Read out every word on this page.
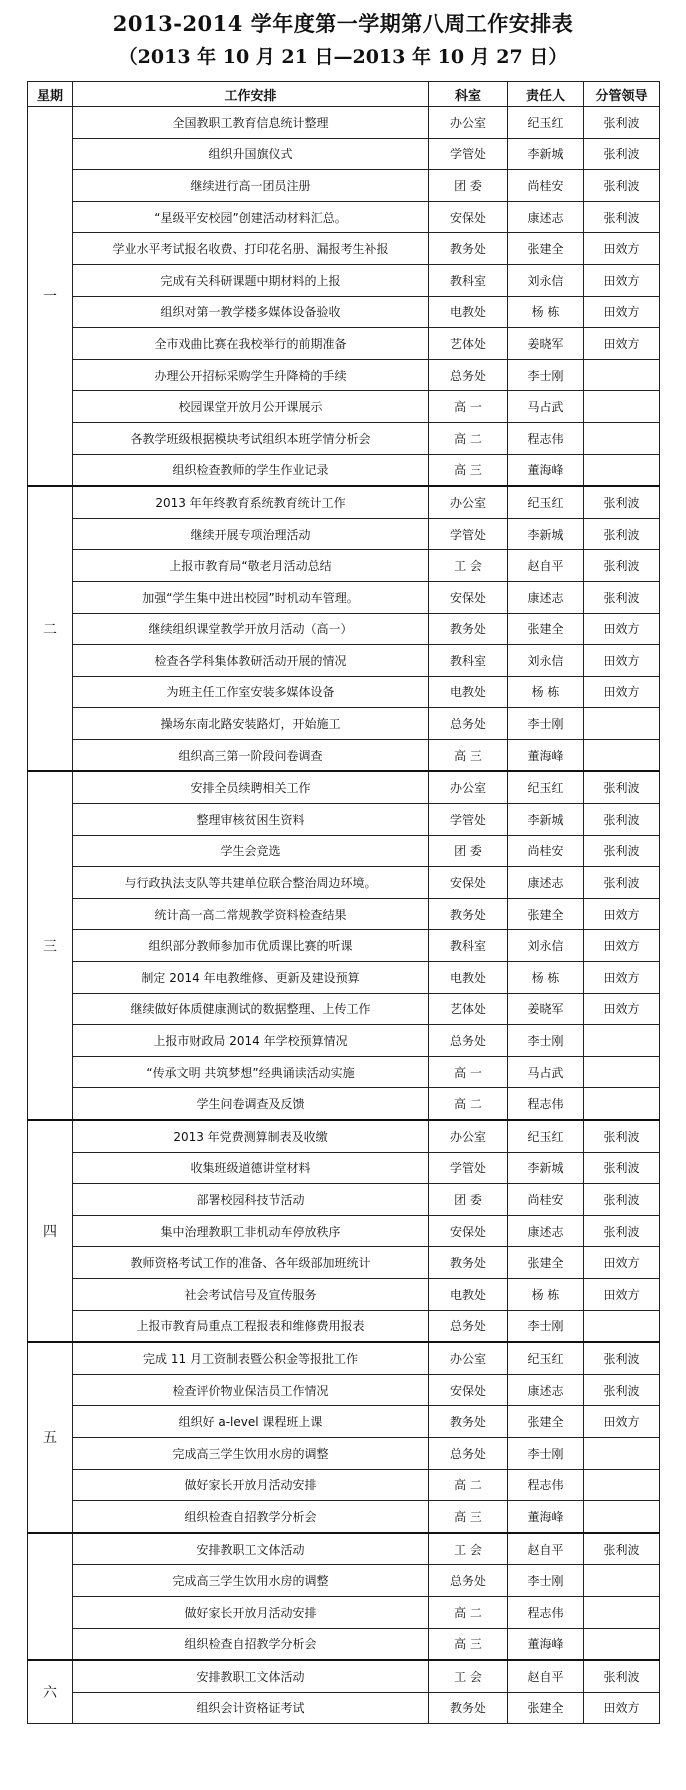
2013-2014 学年度第一学期第八周工作安排表
（2013 年 10 月 21 日—2013 年 10 月 27 日）
星期	工作安排	科室	责任人	分管领导
一	全国教职工教育信息统计整理	办公室	纪玉红	张利波
	组织升国旗仪式	学管处	李新城	张利波
	继续进行高一团员注册	团 委	尚桂安	张利波
	“星级平安校园”创建活动材料汇总。	安保处	康述志	张利波
	学业水平考试报名收费、打印花名册、漏报考生补报	教务处	张建全	田效方
	完成有关科研课题中期材料的上报	教科室	刘永信	田效方
	组织对第一教学楼多媒体设备验收	电教处	杨 栋	田效方
	全市戏曲比赛在我校举行的前期准备	艺体处	姜晓军	田效方
	办理公开招标采购学生升降椅的手续	总务处	李士刚	
	校园课堂开放月公开课展示	高 一	马占武	
	各教学班级根据模块考试组织本班学情分析会	高 二	程志伟	
	组织检查教师的学生作业记录	高 三	董海峰	
二	2013 年年终教育系统教育统计工作	办公室	纪玉红	张利波
	继续开展专项治理活动	学管处	李新城	张利波
	上报市教育局“敬老月活动总结	工 会	赵自平	张利波
	加强“学生集中进出校园”时机动车管理。	安保处	康述志	张利波
	继续组织课堂教学开放月活动（高一）	教务处	张建全	田效方
	检查各学科集体教研活动开展的情况	教科室	刘永信	田效方
	为班主任工作室安装多媒体设备	电教处	杨 栋	田效方
	操场东南北路安装路灯，开始施工	总务处	李士刚	
	组织高三第一阶段问卷调查	高 三	董海峰	
三	安排全员续聘相关工作	办公室	纪玉红	张利波
	整理审核贫困生资料	学管处	李新城	张利波
	学生会竞选	团 委	尚桂安	张利波
	与行政执法支队等共建单位联合整治周边环境。	安保处	康述志	张利波
	统计高一高二常规教学资料检查结果	教务处	张建全	田效方
	组织部分教师参加市优质课比赛的听课	教科室	刘永信	田效方
	制定 2014 年电教维修、更新及建设预算	电教处	杨 栋	田效方
	继续做好体质健康测试的数据整理、上传工作	艺体处	姜晓军	田效方
	上报市财政局 2014 年学校预算情况	总务处	李士刚	
	“传承文明 共筑梦想”经典诵读活动实施	高 一	马占武	
	学生问卷调查及反馈	高 二	程志伟	
四	2013 年党费测算制表及收缴	办公室	纪玉红	张利波
	收集班级道德讲堂材料	学管处	李新城	张利波
	部署校园科技节活动	团 委	尚桂安	张利波
	集中治理教职工非机动车停放秩序	安保处	康述志	张利波
	教师资格考试工作的准备、各年级部加班统计	教务处	张建全	田效方
	社会考试信号及宣传服务	电教处	杨 栋	田效方
	上报市教育局重点工程报表和维修费用报表	总务处	李士刚	
五	完成 11 月工资制表暨公积金等报批工作	办公室	纪玉红	张利波
	检查评价物业保洁员工作情况	安保处	康述志	张利波
	组织好 a-level 课程班上课	教务处	张建全	田效方
	完成高三学生饮用水房的调整	总务处	李士刚	
	做好家长开放月活动安排	高 二	程志伟	
	组织检查自招教学分析会	高 三	董海峰	
	安排教职工文体活动	工 会	赵自平	张利波
	完成高三学生饮用水房的调整	总务处	李士刚	
	做好家长开放月活动安排	高 二	程志伟	
	组织检查自招教学分析会	高 三	董海峰	
六	安排教职工文体活动	工 会	赵自平	张利波
	组织会计资格证考试	教务处	张建全	田效方
